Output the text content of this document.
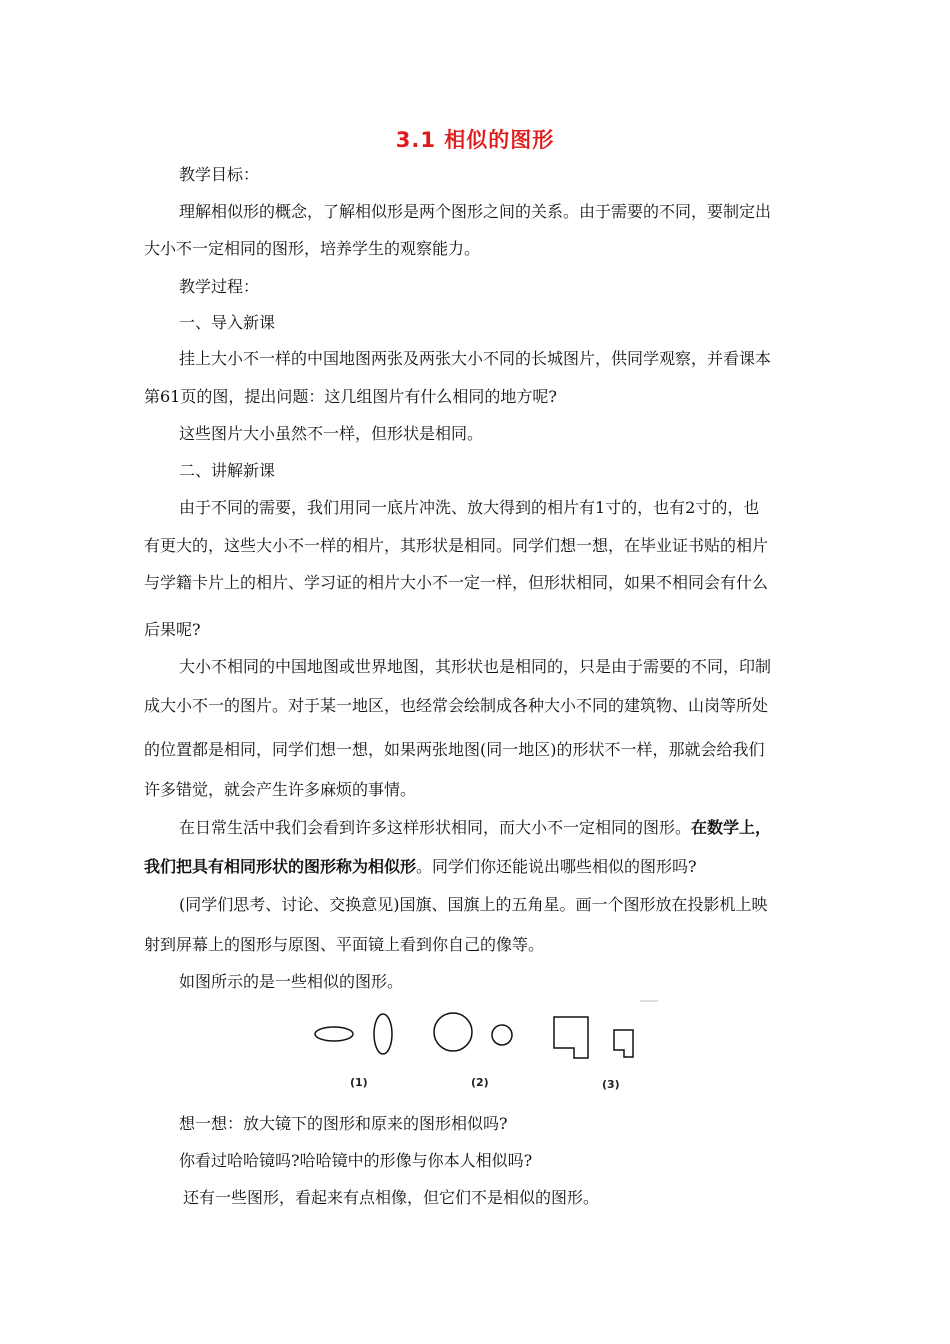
3.1 相似的图形
教学目标：
理解相似形的概念，了解相似形是两个图形之间的关系。由于需要的不同，要制定出
大小不一定相同的图形，培养学生的观察能力。
教学过程：
一、导入新课
挂上大小不一样的中国地图两张及两张大小不同的长城图片，供同学观察，并看课本
第61页的图，提出问题：这几组图片有什么相同的地方呢?
这些图片大小虽然不一样，但形状是相同。
二、讲解新课
由于不同的需要，我们用同一底片冲洗、放大得到的相片有1寸的，也有2寸的，也
有更大的，这些大小不一样的相片，其形状是相同。同学们想一想，在毕业证书贴的相片
与学籍卡片上的相片、学习证的相片大小不一定一样，但形状相同，如果不相同会有什么
后果呢?
大小不相同的中国地图或世界地图，其形状也是相同的，只是由于需要的不同，印制
成大小不一的图片。对于某一地区，也经常会绘制成各种大小不同的建筑物、山岗等所处
的位置都是相同，同学们想一想，如果两张地图(同一地区)的形状不一样，那就会给我们
许多错觉，就会产生许多麻烦的事情。
在日常生活中我们会看到许多这样形状相同，而大小不一定相同的图形。在数学上，
我们把具有相同形状的图形称为相似形。同学们你还能说出哪些相似的图形吗?
(同学们思考、讨论、交换意见)国旗、国旗上的五角星。画一个图形放在投影机上映
射到屏幕上的图形与原图、平面镜上看到你自己的像等。
如图所示的是一些相似的图形。
(1)	(2)	(3)
想一想：放大镜下的图形和原来的图形相似吗?
你看过哈哈镜吗?哈哈镜中的形像与你本人相似吗?
还有一些图形，看起来有点相像，但它们不是相似的图形。
